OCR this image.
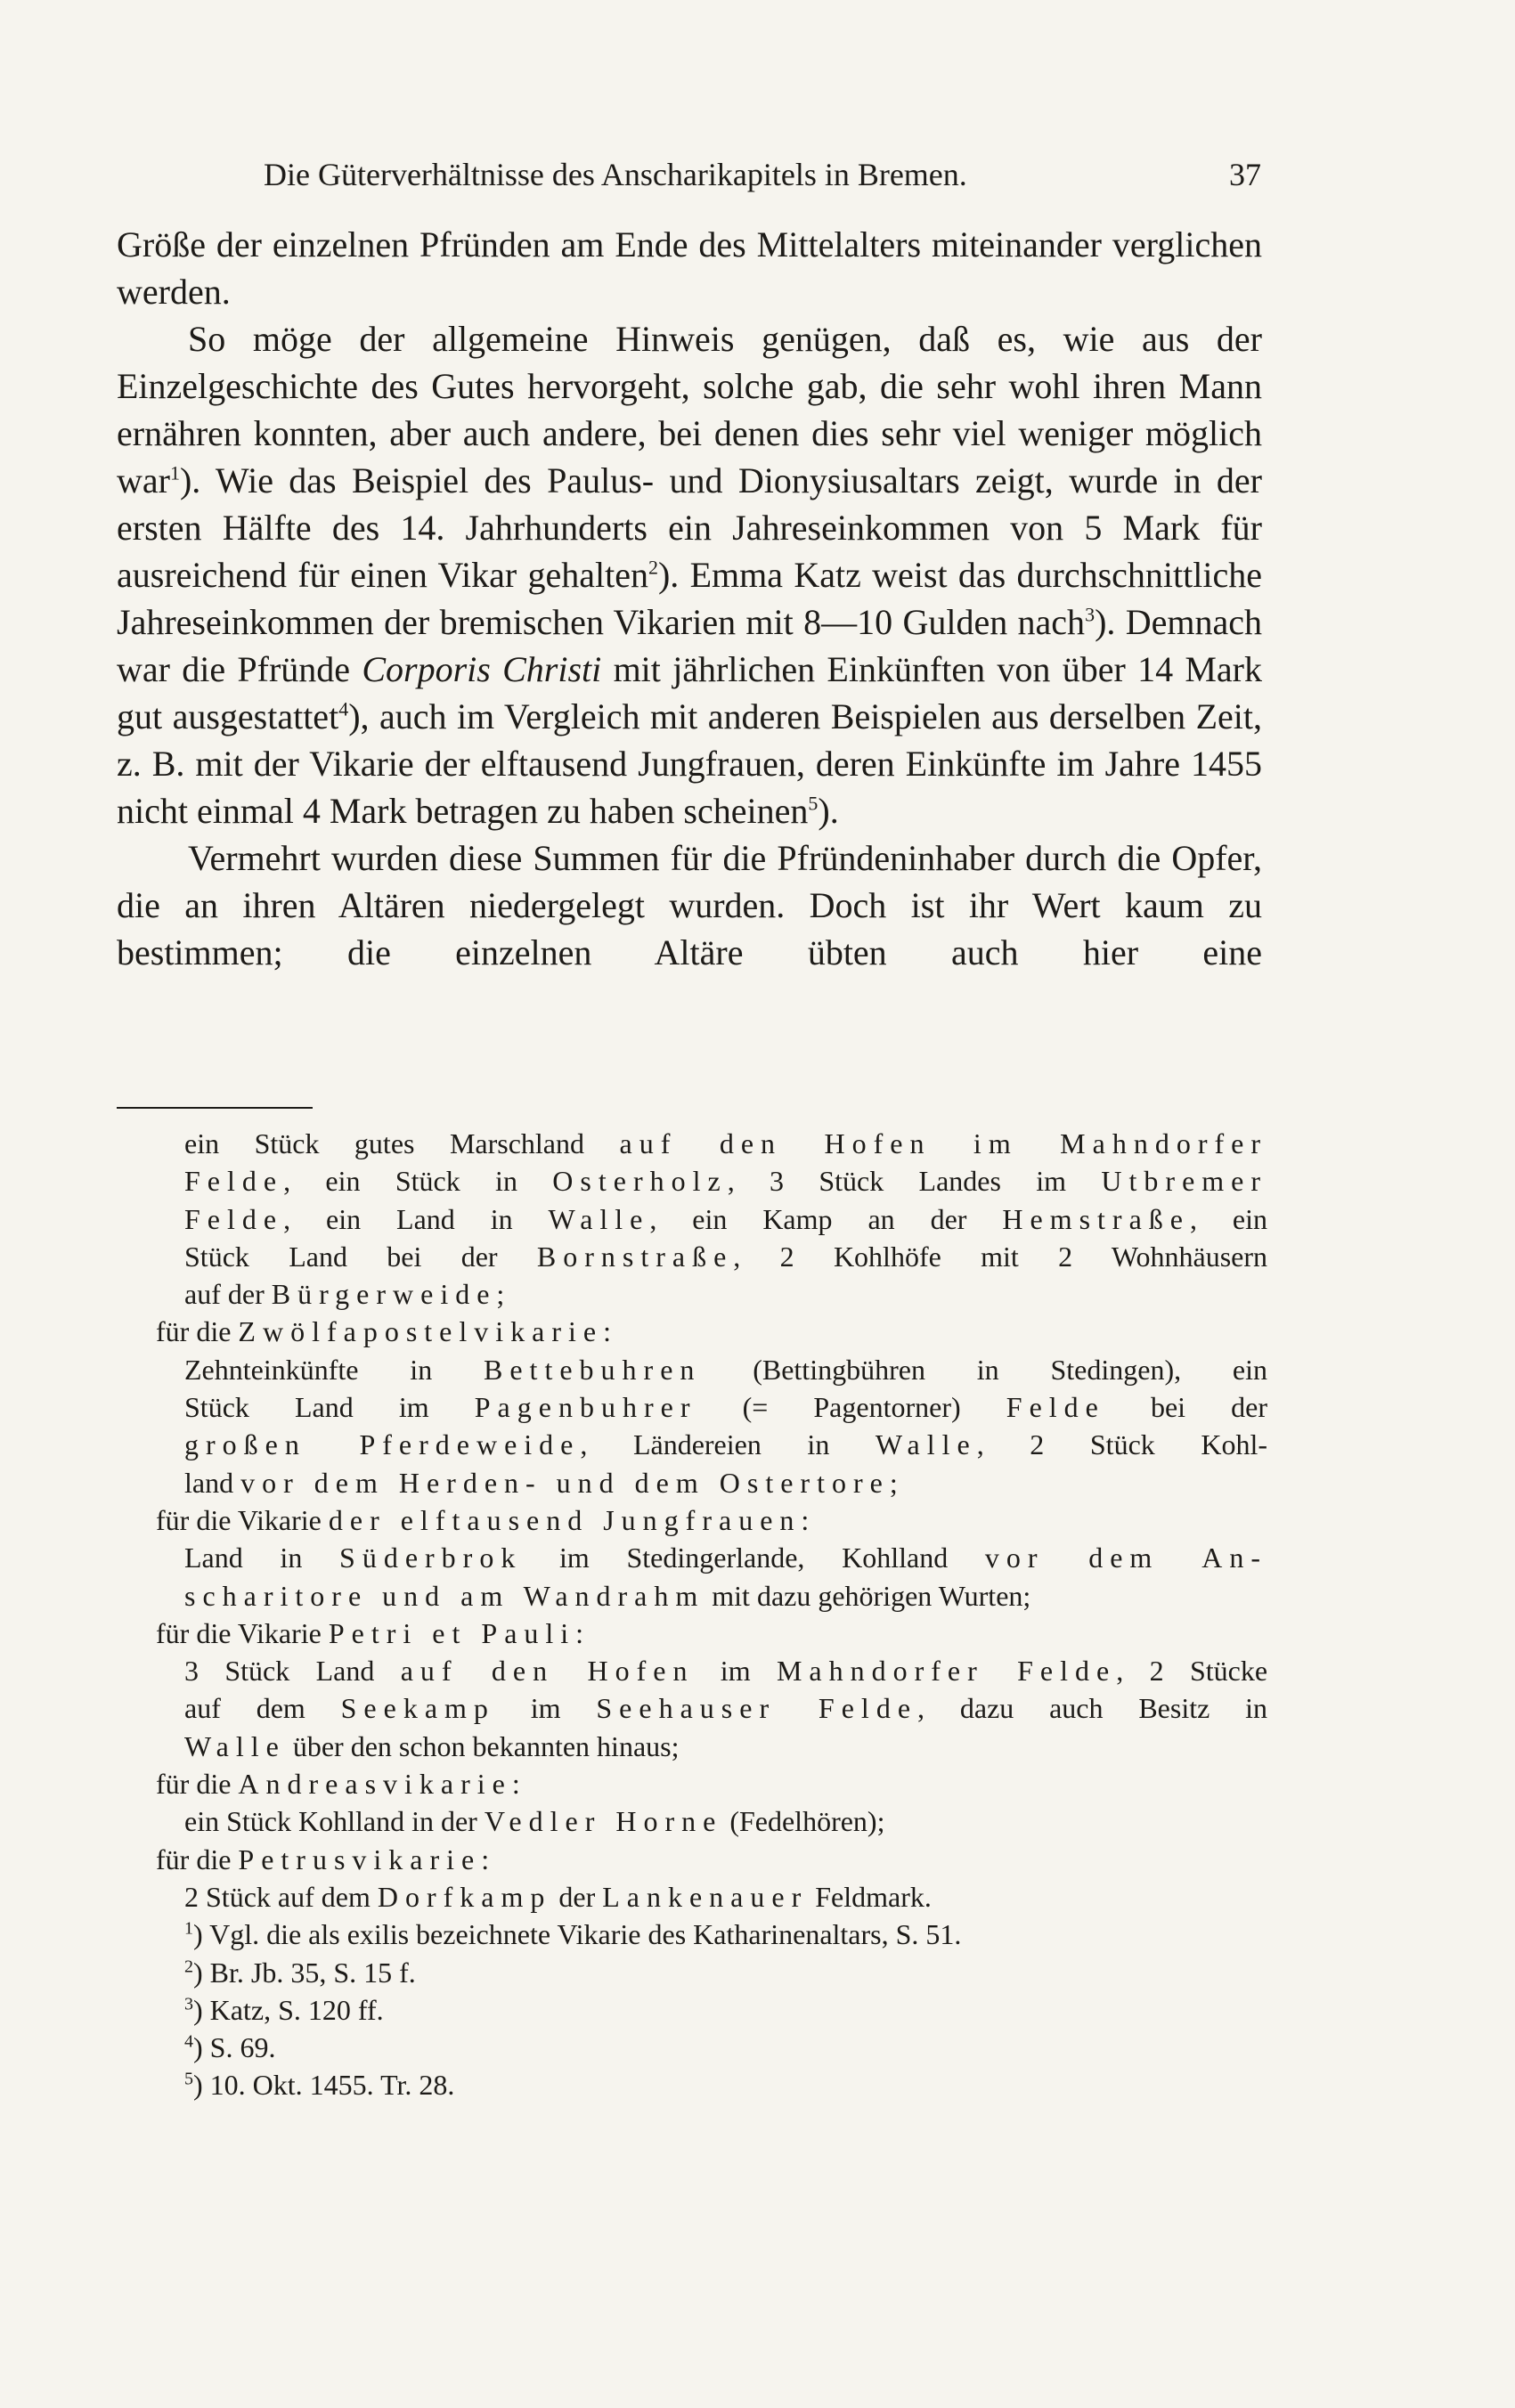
Die Güterverhältnisse des Anscharikapitels in Bremen.	37

Größe der einzelnen Pfründen am Ende des Mittelalters miteinander verglichen werden.

So möge der allgemeine Hinweis genügen, daß es, wie aus der Einzelgeschichte des Gutes hervorgeht, solche gab, die sehr wohl ihren Mann ernähren konnten, aber auch andere, bei denen dies sehr viel weniger möglich war$^1$). Wie das Beispiel des Paulus- und Dionysiusaltars zeigt, wurde in der ersten Hälfte des 14. Jahrhunderts ein Jahreseinkommen von 5 Mark für ausreichend für einen Vikar gehalten$^2$). Emma Katz weist das durchschnittliche Jahreseinkommen der bremischen Vikarien mit 8—10 Gulden nach$^3$). Demnach war die Pfründe Corporis Christi mit jährlichen Einkünften von über 14 Mark gut ausgestattet$^4$), auch im Vergleich mit anderen Beispielen aus derselben Zeit, z. B. mit der Vikarie der elftausend Jungfrauen, deren Einkünfte im Jahre 1455 nicht einmal 4 Mark betragen zu haben scheinen$^5$).

Vermehrt wurden diese Summen für die Pfründeninhaber durch die Opfer, die an ihren Altären niedergelegt wurden. Doch ist ihr Wert kaum zu bestimmen; die einzelnen Altäre übten auch hier eine

ein Stück gutes Marschland auf den Hofen im Mahndorfer
Felde, ein Stück in Osterholz, 3 Stück Landes im Utbremer
Felde, ein Land in Walle, ein Kamp an der Hemstraße, ein
Stück Land bei der Bornstraße, 2 Kohlhöfe mit 2 Wohnhäusern
auf der Bürgerweide;
für die Zwölfapostelvikarie:
Zehnteinkünfte in Bettebuhren (Bettingbühren in Stedingen), ein
Stück Land im Pagenbuhrer (= Pagentorner) Felde bei der
großen Pferdeweide, Ländereien in Walle, 2 Stück Kohl-
land vor dem Herden- und dem Ostertore;
für die Vikarie der elftausend Jungfrauen:
Land in Süderbrok im Stedingerlande, Kohlland vor dem An-
scharitore und am Wandrahm mit dazu gehörigen Wurten;
für die Vikarie Petri et Pauli:
3 Stück Land auf den Hofen im Mahndorfer Felde, 2 Stücke
auf dem Seekamp im Seehauser Felde, dazu auch Besitz in
Walle über den schon bekannten hinaus;
für die Andreasvikarie:
ein Stück Kohlland in der Vedler Horne (Fedelhören);
für die Petrusvikarie:
2 Stück auf dem Dorfkamp der Lankenauer Feldmark.
$^1$) Vgl. die als exilis bezeichnete Vikarie des Katharinenaltars, S. 51.
$^2$) Br. Jb. 35, S. 15 f.
$^3$) Katz, S. 120 ff.
$^4$) S. 69.
$^5$) 10. Okt. 1455. Tr. 28.
